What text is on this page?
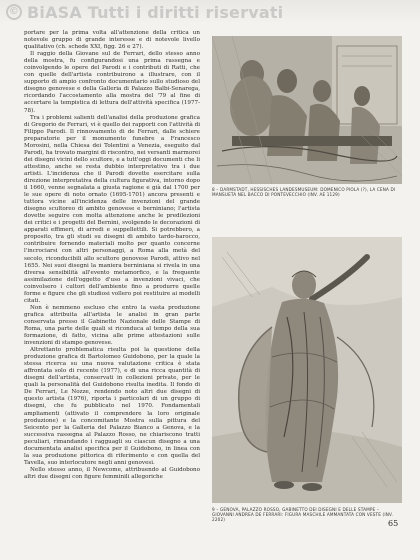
© BiASA Tutti i diritti riservati

portare per la prima volta all'attenzione della critica un notevole gruppo di grande interesse e di notevole livello qualitativo (ch. schede XXI, figg. 26 e 27).

Il raggio della Giovane sul de Ferrari, dello stesso anno della mostra, fu configurandosi una prima rassegna e coinvolgendo le opere del Parodi e i contributi di Ratti, che con quelle dell'artista contribuirono a illustrare, con il supporto di ampio confronto documentario sullo studioso del disegno genovese e della Galleria di Palazzo Balbi-Senarega, ricordando l'accostamento alla mostra del '79 al fine di accertare la tempistica di lettura dell'attività specifica (1977-78).

Tra i problemi salienti dell'analisi della produzione grafica di Gregorio de Ferrari, vi è quello dei rapporti con l'attività di Filippo Parodi. Il rinnovamento di de Ferrari, dalle schiere preparatorie per il monumento funebre a Francesco Morosini, nella Chiesa dei Tolentini a Venezia, eseguito dal Parodi, ha trovato margini di riscontro, nei versanti marmorei dei disegni vicini dello scultore, e a tutt'oggi documenti che li attestino, anche se resta dubbio interpretativo tra i due artisti. L'incidenza che il Parodi dovette esercitare sulla direzione interpretativa della cultura figurativa, intorno dopo il 1660, venne segnalata a giusta ragione e già dal 1700 per le sue opere di noto ornato (1695-1701) ancora presenti e tuttora vicine all'incidenza delle invenzioni del grande disegno scultoreo di ambito genovese e berniniano; l'artista dovette seguire con molta attenzione anche le predilezioni dei critici e i progetti del Bernini, svolgendo le decorazioni di apparati effimeri, di arredi e suppellettili. Si potrebbero, a proposito, tra gli studi su disegni di ambito tardo-barocco, contribuire fornendo materiali molto per quanto concerne l'incrociarsi con altri personaggi, a Roma alla metà del secolo, riconducibili allo scultore genovese Parodi, attivo nel 1655. Nei suoi disegni la maniera berniniana si rivela in una diversa sensibilità all'evento metamorfico, e la frequente assimilazione dell'oggetto d'uso a invenzioni vivaci, che coinvolsero i cultori dell'ambiente fino a produrre quelle forme e figure che gli studiosi vollero poi restituire ai modelli citati.

Non è nemmeno escluso che entro la vasta produzione grafica attribuita all'artista le analisi in gran parte conservata presso il Gabinetto Nazionale delle Stampe di Roma, una parte delle quali si riconduca al tempo della sua formazione, di fatto, vicina alle prime attestazioni sulle invenzioni di stampo genovese.

Altrettanto problematica risulta poi la questione della produzione grafica di Bartolomeo Guidobono, per la quale la stessa ricerca su una nuova valutazione critica è stata affrontata solo di recente (1977), e di una ricca quantità di disegni dell'artista, conservati in collezioni private, per le quali la personalità del Guidobono risulta inedita. Il fondo di De Ferrari, Le Nozze, rendendo noto altri due disegni di questo artista (1976), riporta i particolari di un gruppo di disegni, che fu pubblicato nel 1970. Fondamentali ampliamenti (attivato il comprendere la loro originale produzione) e la concomitante Mostra sulla pittura del Seicento per la Galleria del Palazzo Bianco a Genova, e la successiva rassegna al Palazzo Rosso, ne chiariscono tratti peculiari, rimandando i ragguagli su ciascun disegno a una documentata analisi specifica per il Guidobono, in linea con la sua produzione pittorica di riferimento e con quella del Tavella, suo interlocutore negli anni genovesi.

Nello stesso anno, il Newcome, attribuendo al Guidobono altri due disegni con figure femminili allegoriche

8 – DARMSTADT, HESSISCHES LANDESMUSEUM: DOMENICO PIOLA (?), LA CENA DI MANSUETA NEL BACCO DI PONTEVECCHIO (INV. AE 1129)
9 – GENOVA, PALAZZO ROSSO, GABINETTO DEI DISEGNI E DELLE STAMPE – GIOVANNI ANDREA DE FERRARI: FIGURA MASCHILE AMMANTATA CON VESTE (INV. 2202)	65
